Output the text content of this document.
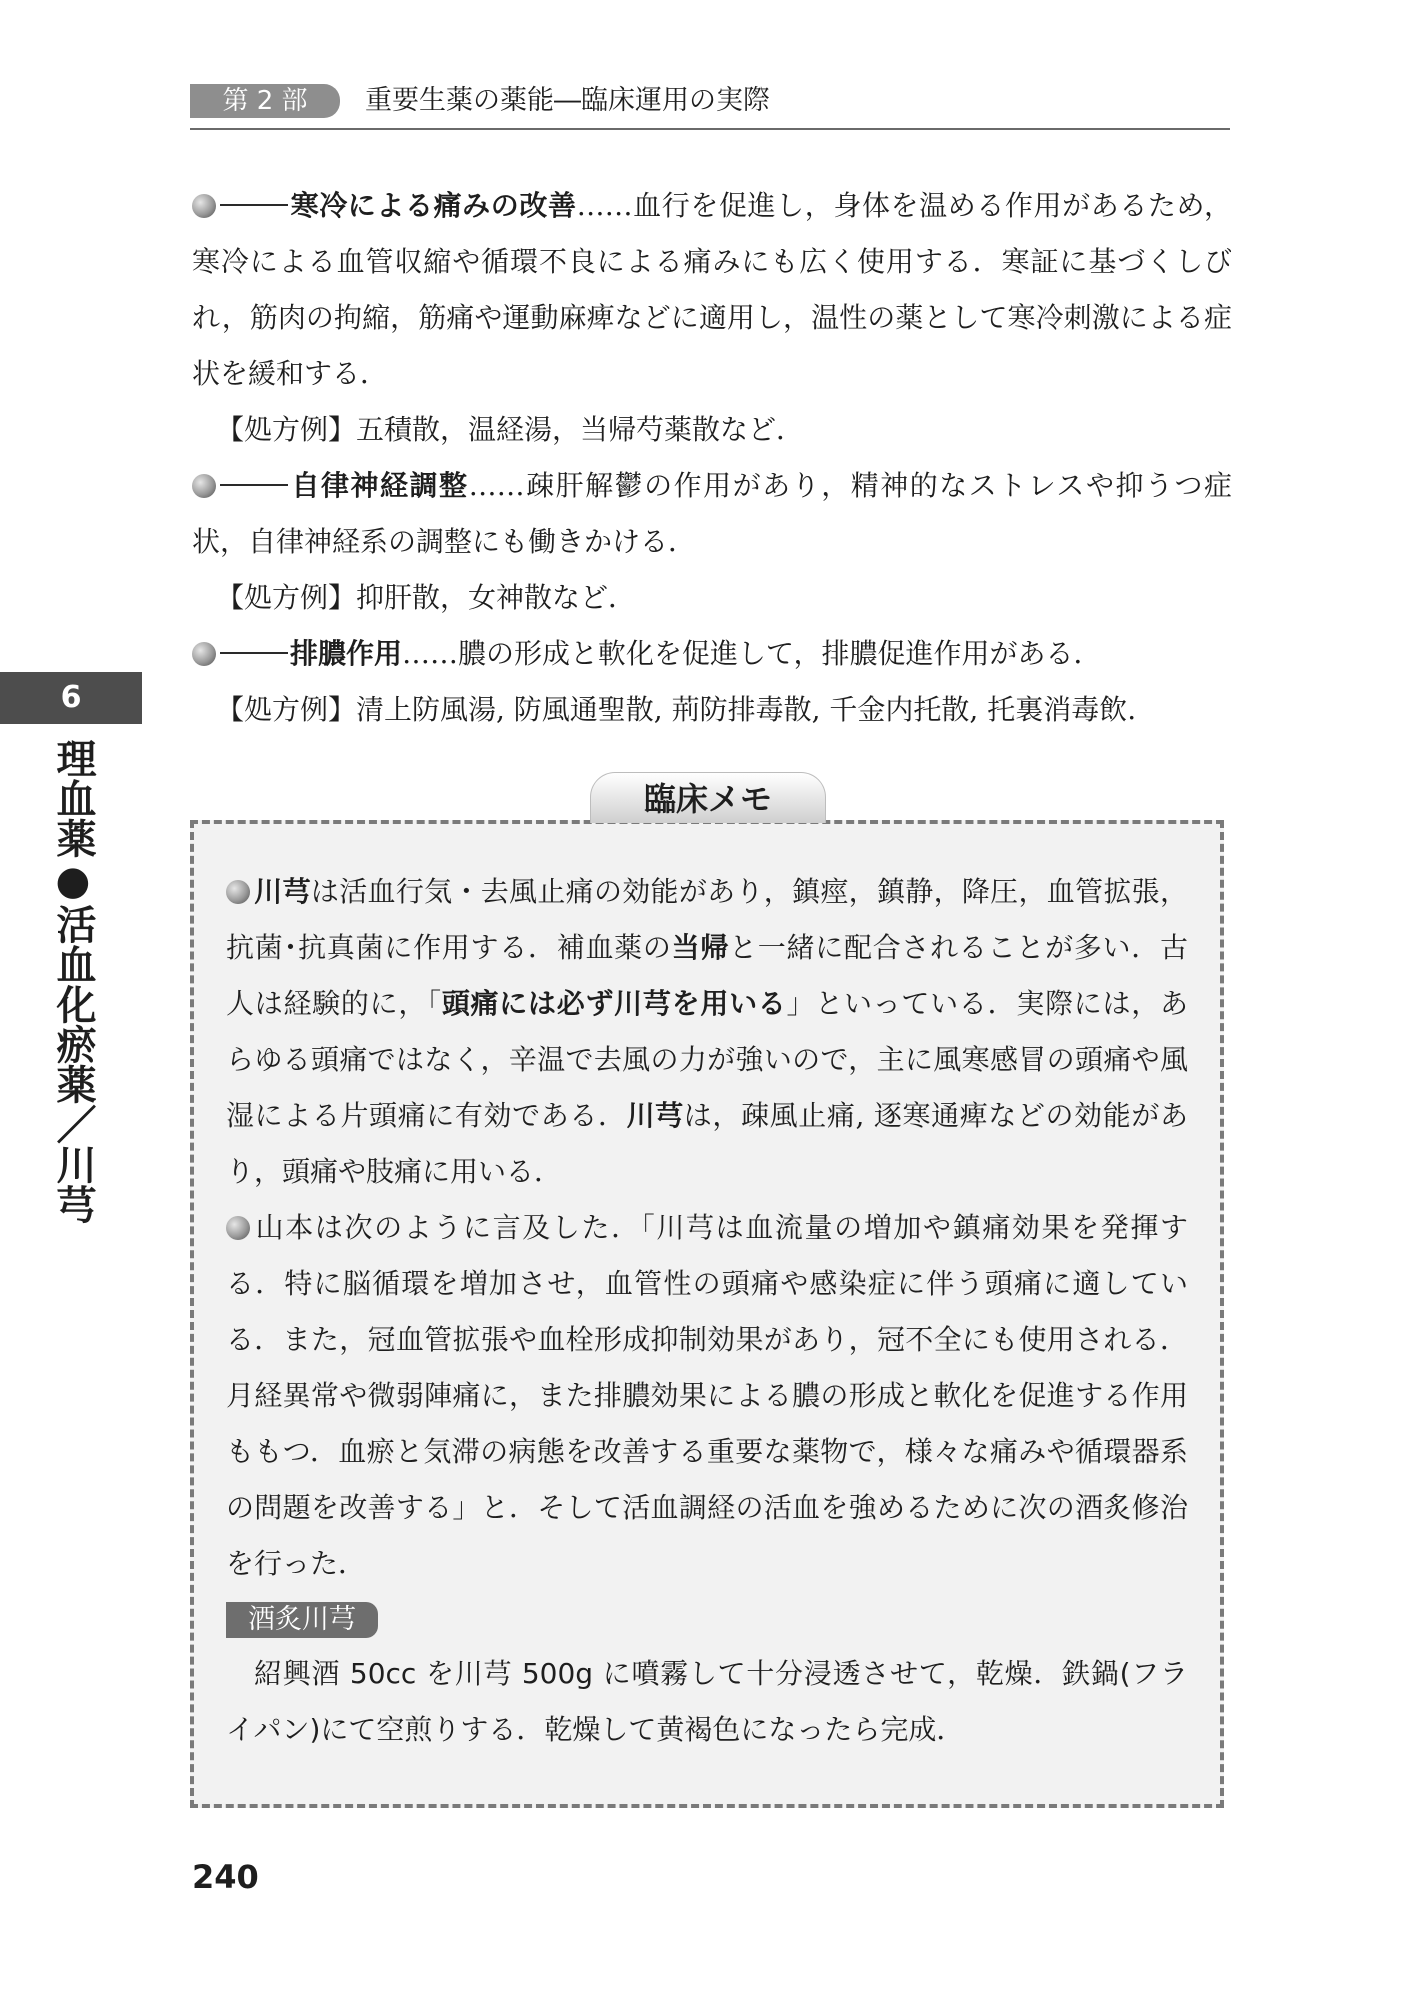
第 2 部	重要生薬の薬能―臨床運用の実際

寒冷による痛みの改善……血行を促進し，身体を温める作用があるため，寒冷による血管収縮や循環不良による痛みにも広く使用する．寒証に基づくしびれ，筋肉の拘縮，筋痛や運動麻痺などに適用し，温性の薬として寒冷刺激による症状を緩和する．

【処方例】五積散，温経湯，当帰芍薬散など．

自律神経調整……疎肝解鬱の作用があり，精神的なストレスや抑うつ症状，自律神経系の調整にも働きかける．

【処方例】抑肝散，女神散など．

排膿作用……膿の形成と軟化を促進して，排膿促進作用がある．

【処方例】清上防風湯, 防風通聖散, 荊防排毒散, 千金内托散, 托裏消毒飲.

6
理血薬●活血化瘀薬／川芎	川芎は活血行気・去風止痛の効能があり，鎮痙，鎮静，降圧，血管拡張，抗菌･抗真菌に作用する．補血薬の当帰と一緒に配合されることが多い．古人は経験的に，「頭痛には必ず川芎を用いる」といっている．実際には，あらゆる頭痛ではなく，辛温で去風の力が強いので，主に風寒感冒の頭痛や風湿による片頭痛に有効である．川芎は，疎風止痛, 逐寒通痺などの効能があり，頭痛や肢痛に用いる．

山本は次のように言及した．「川芎は血流量の増加や鎮痛効果を発揮する．特に脳循環を増加させ，血管性の頭痛や感染症に伴う頭痛に適している．また，冠血管拡張や血栓形成抑制効果があり，冠不全にも使用される．月経異常や微弱陣痛に，また排膿効果による膿の形成と軟化を促進する作用ももつ．血瘀と気滞の病態を改善する重要な薬物で，様々な痛みや循環器系の問題を改善する」と．そして活血調経の活血を強めるために次の酒炙修治を行った．

酒炙川芎

紹興酒 50cc を川芎 500g に噴霧して十分浸透させて，乾燥．鉄鍋(フライパン)にて空煎りする．乾燥して黄褐色になったら完成．

臨床メモ
240
